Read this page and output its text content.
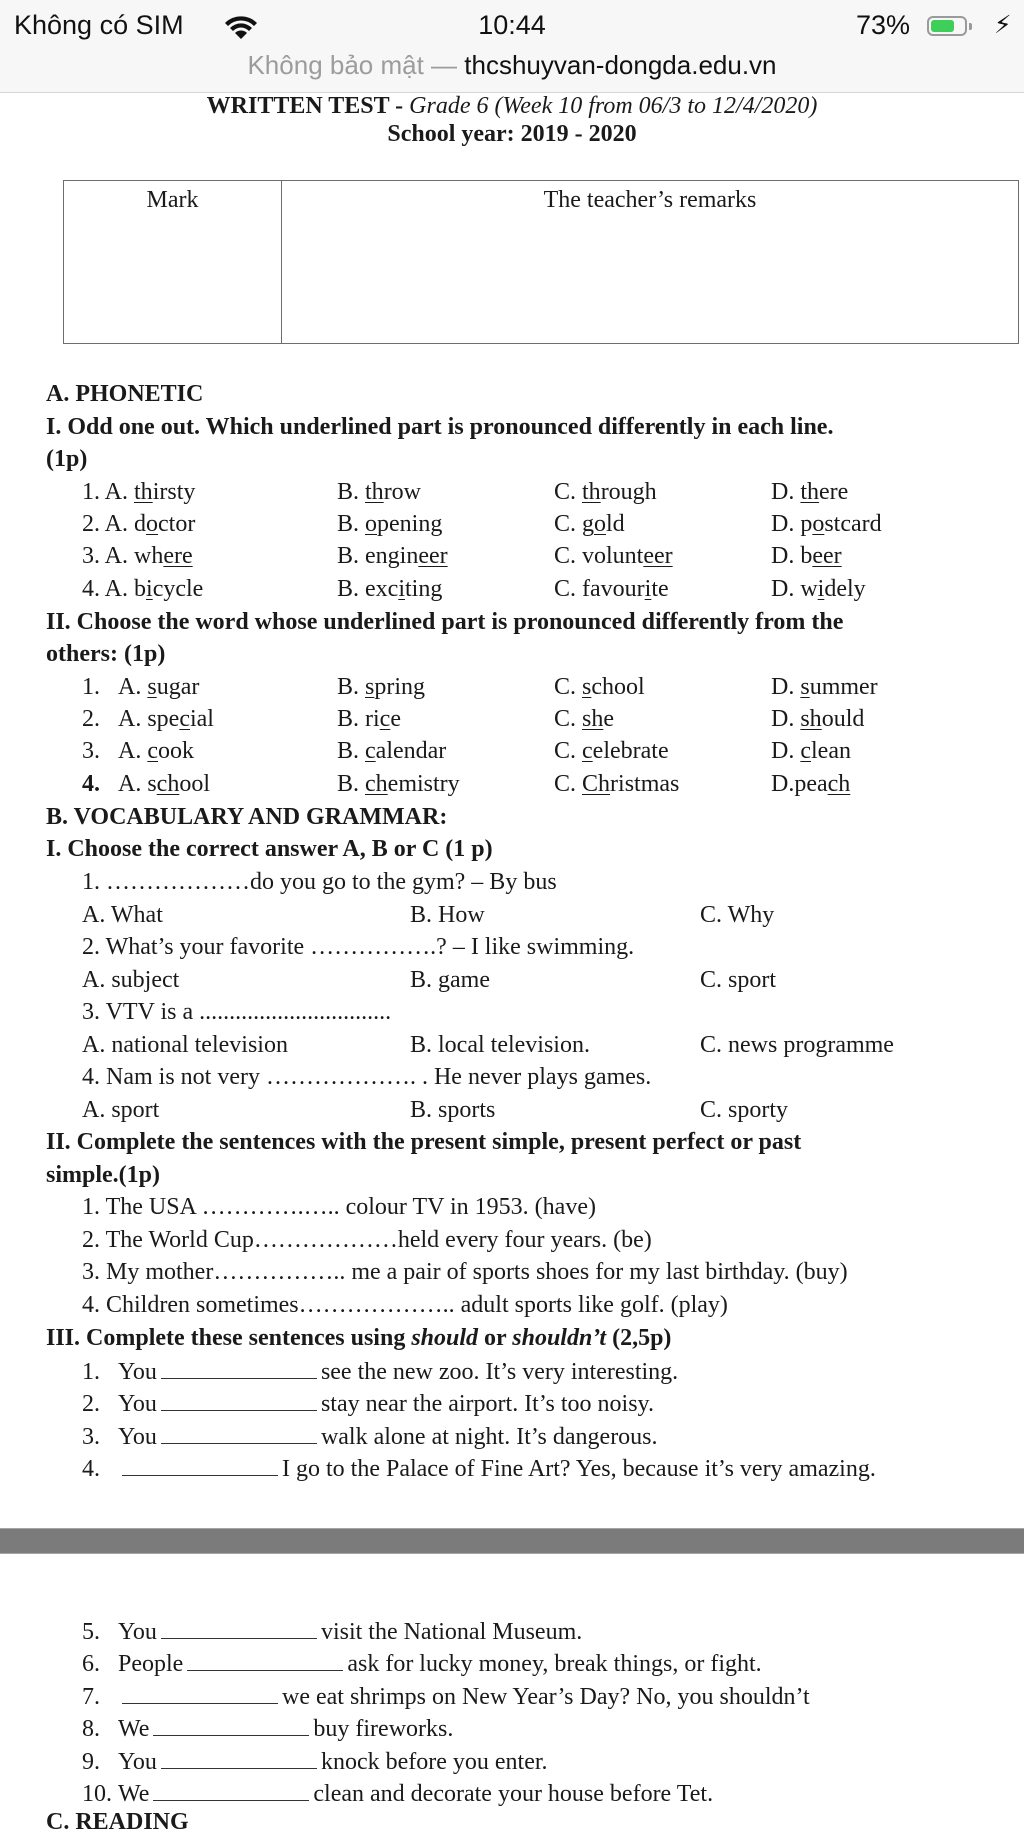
WRITTEN TEST - Grade 6 (Week 10 from 06/3 to 12/4/2020)
School year: 2019 - 2020
Mark	The teacher’s remarks
A. PHONETIC
I. Odd one out. Which underlined part is pronounced differently in each line.
(1p)
1. A. thirsty	B. throw	C. through	D. there
2. A. doctor	B. opening	C. gold	D. postcard
3. A. where	B. engineer	C. volunteer	D. beer
4. A. bicycle	B. exciting	C. favourite	D. widely
II. Choose the word whose underlined part is pronounced differently from the
others: (1p)
1. A. sugar	B. spring	C. school	D. summer
2. A. special	B. rice	C. she	D. should
3. A. cook	B. calendar	C. celebrate	D. clean
4. A. school	B. chemistry	C. Christmas	D.peach
B. VOCABULARY AND GRAMMAR:
I. Choose the correct answer A, B or C (1 p)
1. ………………do you go to the gym? – By bus
A. What	B. How	C. Why
2. What’s your favorite …………….? – I like swimming.
A. subject	B. game	C. sport
3. VTV is a ................................
A. national television	B. local television.	C. news programme
4. Nam is not very ………………. . He never plays games.
A. sport	B. sports	C. sporty
II. Complete the sentences with the present simple, present perfect or past
simple.(1p)
1. The USA ………….….. colour TV in 1953. (have)
2. The World Cup………………held every four years. (be)
3. My mother…………….. me a pair of sports shoes for my last birthday. (buy)
4. Children sometimes……………….. adult sports like golf. (play)
III. Complete these sentences using should or shouldn’t (2,5p)
1. You	see the new zoo. It’s very interesting.
2. You	stay near the airport. It’s too noisy.
3. You	walk alone at night. It’s dangerous.
4.	I go to the Palace of Fine Art? Yes, because it’s very amazing.
5. You	visit the National Museum.
6. People	ask for lucky money, break things, or fight.
7.	we eat shrimps on New Year’s Day? No, you shouldn’t
8. We	buy fireworks.
9. You	knock before you enter.
10. We	clean and decorate your house before Tet.
C. READING
Không có SIM	10:44	73%	⚡︎
Không bảo mật — thcshuyvan-dongda.edu.vn
